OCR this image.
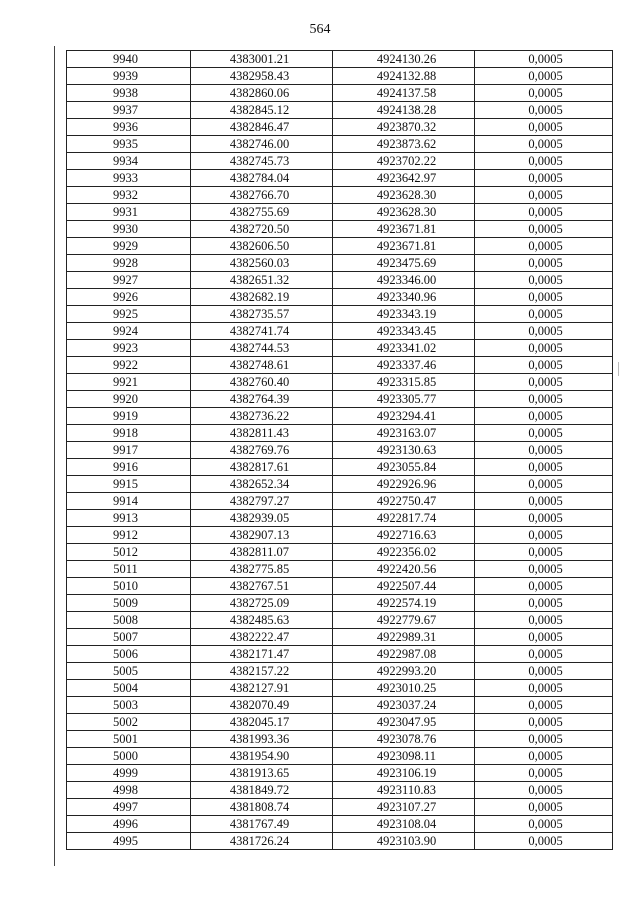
564
9940	4383001.21	4924130.26	0,0005
9939	4382958.43	4924132.88	0,0005
9938	4382860.06	4924137.58	0,0005
9937	4382845.12	4924138.28	0,0005
9936	4382846.47	4923870.32	0,0005
9935	4382746.00	4923873.62	0,0005
9934	4382745.73	4923702.22	0,0005
9933	4382784.04	4923642.97	0,0005
9932	4382766.70	4923628.30	0,0005
9931	4382755.69	4923628.30	0,0005
9930	4382720.50	4923671.81	0,0005
9929	4382606.50	4923671.81	0,0005
9928	4382560.03	4923475.69	0,0005
9927	4382651.32	4923346.00	0,0005
9926	4382682.19	4923340.96	0,0005
9925	4382735.57	4923343.19	0,0005
9924	4382741.74	4923343.45	0,0005
9923	4382744.53	4923341.02	0,0005
9922	4382748.61	4923337.46	0,0005
9921	4382760.40	4923315.85	0,0005
9920	4382764.39	4923305.77	0,0005
9919	4382736.22	4923294.41	0,0005
9918	4382811.43	4923163.07	0,0005
9917	4382769.76	4923130.63	0,0005
9916	4382817.61	4923055.84	0,0005
9915	4382652.34	4922926.96	0,0005
9914	4382797.27	4922750.47	0,0005
9913	4382939.05	4922817.74	0,0005
9912	4382907.13	4922716.63	0,0005
5012	4382811.07	4922356.02	0,0005
5011	4382775.85	4922420.56	0,0005
5010	4382767.51	4922507.44	0,0005
5009	4382725.09	4922574.19	0,0005
5008	4382485.63	4922779.67	0,0005
5007	4382222.47	4922989.31	0,0005
5006	4382171.47	4922987.08	0,0005
5005	4382157.22	4922993.20	0,0005
5004	4382127.91	4923010.25	0,0005
5003	4382070.49	4923037.24	0,0005
5002	4382045.17	4923047.95	0,0005
5001	4381993.36	4923078.76	0,0005
5000	4381954.90	4923098.11	0,0005
4999	4381913.65	4923106.19	0,0005
4998	4381849.72	4923110.83	0,0005
4997	4381808.74	4923107.27	0,0005
4996	4381767.49	4923108.04	0,0005
4995	4381726.24	4923103.90	0,0005
